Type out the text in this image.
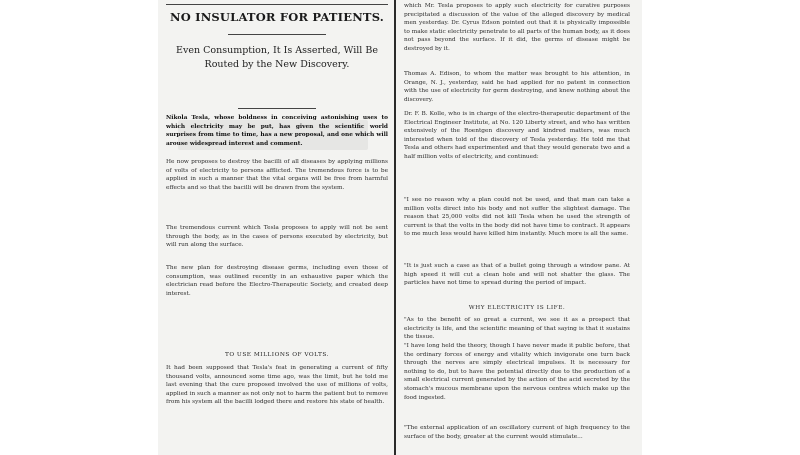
NO INSULATOR FOR PATIENTS.
Even Consumption, It Is Asserted, Will Be Routed by the New Discovery.
Nikola Tesla, whose boldness in conceiving astonishing uses to which electricity may be put, has given the scientific world surprises from time to time, has a new proposal, and one which will arouse widespread interest and comment.
He now proposes to destroy the bacilli of all diseases by applying millions of volts of electricity to persons afflicted. The tremendous force is to be applied in such a manner that the vital organs will be free from harmful effects and so that the bacilli will be drawn from the system.
The tremendous current which Tesla proposes to apply will not be sent through the body, as in the cases of persons executed by electricity, but will run along the surface.
The new plan for destroying disease germs, including even those of consumption, was outlined recently in an exhaustive paper which the electrician read before the Electro-Therapeutic Society, and created deep interest.
TO USE MILLIONS OF VOLTS.
It had been supposed that Tesla's feat in generating a current of fifty thousand volts, announced some time ago, was the limit, but he told me last evening that the cure proposed involved the use of millions of volts, applied in such a manner as not only not to harm the patient but to remove from his system all the bacilli lodged there and restore his state of health.
which Mr. Tesla proposes to apply such electricity for curative purposes precipitated a discussion of the value of the alleged discovery by medical men yesterday. Dr. Cyrus Edson pointed out that it is physically impossible to make static electricity penetrate to all parts of the human body, as it does not pass beyond the surface. If it did, the germs of disease might be destroyed by it.
Thomas A. Edison, to whom the matter was brought to his attention, in Orange, N. J., yesterday, said he had applied for no patent in connection with the use of electricity for germ destroying, and knew nothing about the discovery.
Dr. F. B. Kolle, who is in charge of the electro-therapeutic department of the Electrical Engineer Institute, at No. 120 Liberty street, and who has written extensively of the Roentgen discovery and kindred matters, was much interested when told of the discovery of Tesla yesterday. He told me that Tesla and others had experimented and that they would generate two and a half million volts of electricity, and continued:
"I see no reason why a plan could not be used, and that man can take a million volts direct into his body and not suffer the slightest damage. The reason that 25,000 volts did not kill Tesla when he used the strength of current is that the volts in the body did not have time to contract. It appears to me much less would have killed him instantly. Much more is all the same.
"It is just such a case as that of a bullet going through a window pane. At high speed it will cut a clean hole and will not shatter the glass. The particles have not time to spread during the period of impact.
WHY ELECTRICITY IS LIFE.
"As to the benefit of so great a current, we see it as a prospect that electricity is life, and the scientific meaning of that saying is that it sustains the tissue.
"I have long held the theory, though I have never made it public before, that the ordinary forces of energy and vitality which invigorate one turn back through the nerves are simply electrical impulses. It is necessary for nothing to do, but to have the potential directly due to the production of a small electrical current generated by the action of the acid secreted by the stomach's mucous membrane upon the nervous centres which make up the food ingested.
"The external application of an oscillatory current of high frequency to the surface of the body, greater at the current would stimulate...
